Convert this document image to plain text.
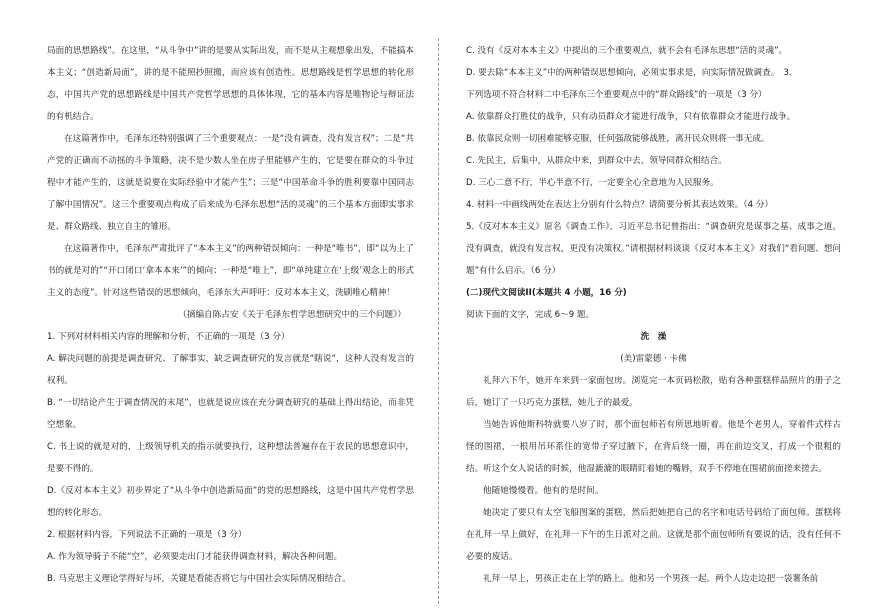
局面的思想路线”。在这里，“从斗争中”讲的是要从实际出发，而不是从主观想象出发，不能搞本本主义；“创造新局面”，讲的是不能照抄照搬，而应该有创造性。思想路线是哲学思想的转化形态，中国共产党的思想路线是中国共产党哲学思想的具体体现，它的基本内容是唯物论与辩证法的有机结合。

在这篇著作中，毛泽东还特别强调了三个重要观点：一是“没有调查，没有发言权”；二是“共产党的正确而不动摇的斗争策略，决不是少数人坐在房子里能够产生的，它是要在群众的斗争过程中才能产生的，这就是说要在实际经验中才能产生”；三是“中国革命斗争的胜利要靠中国同志了解中国情况”。这三个重要观点构成了后来成为毛泽东思想“活的灵魂”的三个基本方面即实事求是、群众路线、独立自主的雏形。

在这篇著作中，毛泽东严肃批评了“本本主义”的两种错误倾向：一种是“唯书”，即“以为上了书的就是对的”“开口闭口‘拿本本来’”的倾向；一种是“唯上”，即“单纯建立在‘上级’观念上的形式主义的态度”。针对这些错误的思想倾向，毛泽东大声呼吁：反对本本主义，洗刷唯心精神！

（摘编自陈占安《关于毛泽东哲学思想研究中的三个问题》）

1. 下列对材料相关内容的理解和分析，不正确的一项是（3 分）

A. 解决问题的前提是调查研究、了解事实，缺乏调查研究的发言就是“瞎说”，这种人没有发言的权利。

B. “一切结论产生于调查情况的末尾”，也就是说应该在充分调查研究的基础上得出结论，而非凭空想象。

C. 书上说的就是对的，上级领导机关的指示就要执行，这种想法普遍存在于农民的思想意识中，是要不得的。

D.《反对本本主义》初步界定了“从斗争中创造新局面”的党的思想路线，这是中国共产党哲学思想的转化形态。

2. 根据材料内容，下列说法不正确的一项是（3 分）

A. 作为领导骑子不能“空”，必须要走出门才能获得调查材料，解决各种问题。

B. 马克思主义理论学得好与坏，关键是看能否将它与中国社会实际情况相结合。

C. 没有《反对本本主义》中提出的三个重要观点，就不会有毛泽东思想“活的灵魂”。

D. 要去除“本本主义”中的两种错误思想倾向，必须实事求是，向实际情况做调查。　3.

下列选项不符合材料二中毛泽东三个重要观点中的“群众路线”的一项是（3 分）

A. 依靠群众打胜仗的战争，只有动员群众才能进行战争，只有依靠群众才能进行战争。

B. 依靠民众则一切困难能够克服，任何强敌能够战胜，离开民众则将一事无成。

C. 先民主，后集中，从群众中来，到群众中去，领导同群众相结合。

D. 三心二意不行，半心半意不行，一定要全心全意地为人民服务。

4. 材料一中画线两处在表达上分别有什么特点？请简要分析其表达效果。（4 分）

5.《反对本本主义》原名《调查工作》，习近平总书记曾指出：“调查研究是谋事之基、成事之道。没有调查，就没有发言权，更没有决策权。”请根据材料谈谈《反对本本主义》对我们“看问题、想问题”有什么启示。（6 分）

(二)现代文阅读II(本题共 4 小题，16 分)

阅读下面的文字，完成 6～9 题。

洗　澡

(美)雷蒙德 · 卡佛

礼拜六下午，她开车来到一家面包房。浏览完一本页码松散，贴有各种蛋糕样品照片的册子之后，她订了一只巧克力蛋糕，她儿子的最爱。

当她告诉他斯科特就要八岁了时，那个面包师若有所思地听着。他是个老男人，穿着件式样古怪的围裙，一根用吊环系住的宽带子穿过腋下，在背后绕一圈，再在前边交叉，打成一个很粗的结。听这个女人说话的时候，他湿漉漉的眼睛盯着她的嘴唇，双手不停地在围裙前面搓来搓去。

他随她慢慢看。他有的是时间。

她决定了要只有太空飞船图案的蛋糕，然后把她把自己的名字和电话号码给了面包师。蛋糕将在礼拜一早上做好，在礼拜一下午的生日派对之前。这就是那个面包师所有要说的话，没有任何不必要的废话。

礼拜一早上，男孩正走在上学的路上。他和另一个男孩一起。两个人边走边把一袋薯条前
